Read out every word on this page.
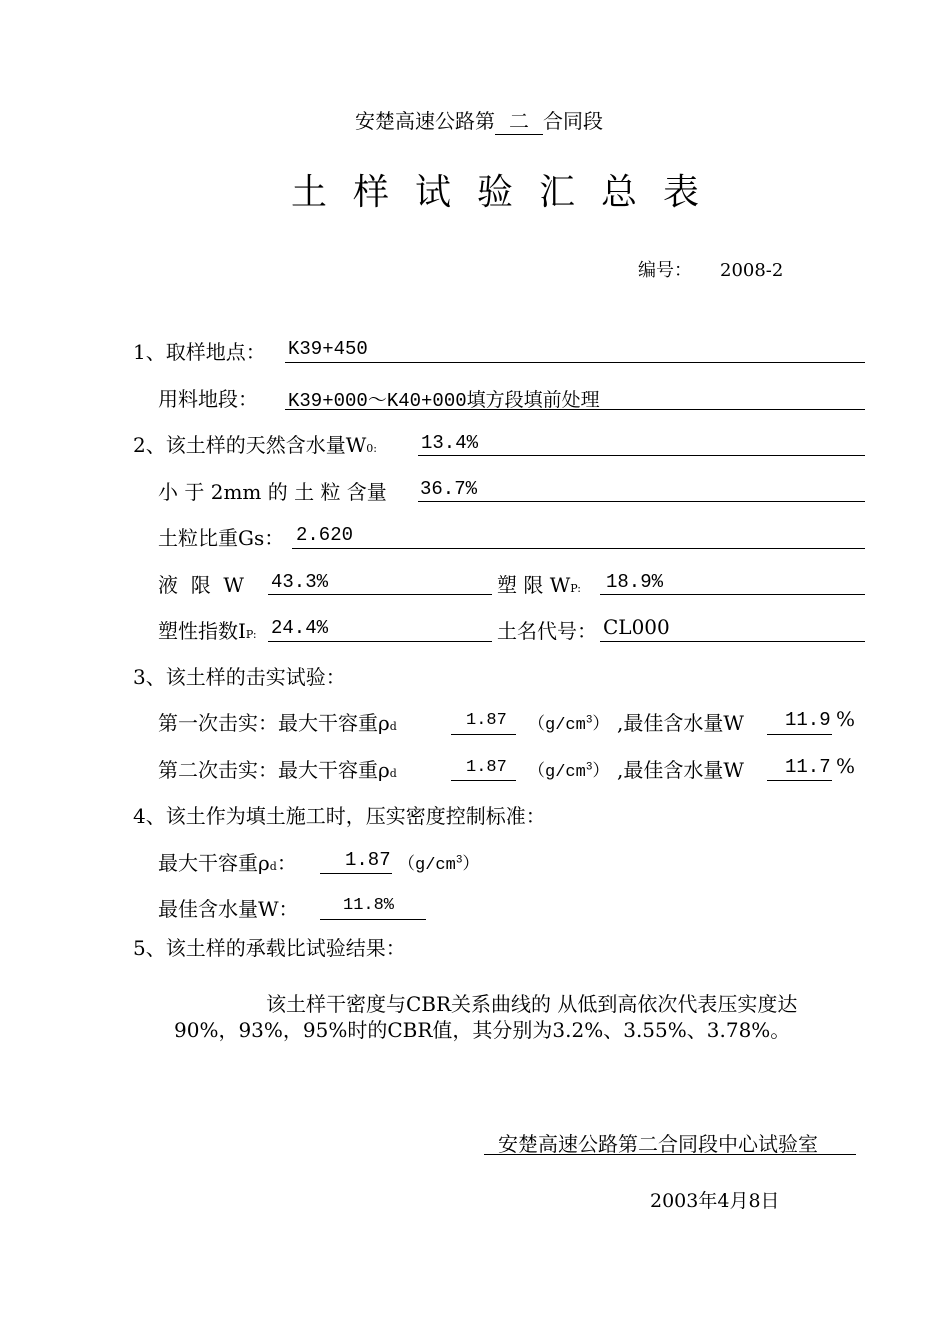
安楚高速公路第 二 合同段
土样试验汇总表
编号： 2008-2
1、取样地点： K39+450
用料地段： K39+000～K40+000填方段填前处理
2、该土样的天然含水量W0: 13.4%
小 于 2mm 的 土 粒 含量 36.7%
土粒比重Gs： 2.620
液  限  W 43.3%	塑 限 WP: 18.9%
塑性指数IP: 24.4%	土名代号： CL000
3、该土样的击实试验：
第一次击实：最大干容重ρd	1.87 $(g/cm^3)$ ,最佳含水量W 11.9 %
第二次击实：最大干容重ρd	1.87 $(g/cm^3)$ ,最佳含水量W 11.7 %
4、该土作为填土施工时，压实密度控制标准：
最大干容重ρd：	1.87 $(g/cm^3)$
最佳含水量W：	11.8%
5、该土样的承载比试验结果：
该土样干密度与CBR关系曲线的 从低到高依次代表压实度达
90%，93%，95%时的CBR值，其分别为3.2%、3.55%、3.78%。
安楚高速公路第二合同段中心试验室
2003年4月8日
